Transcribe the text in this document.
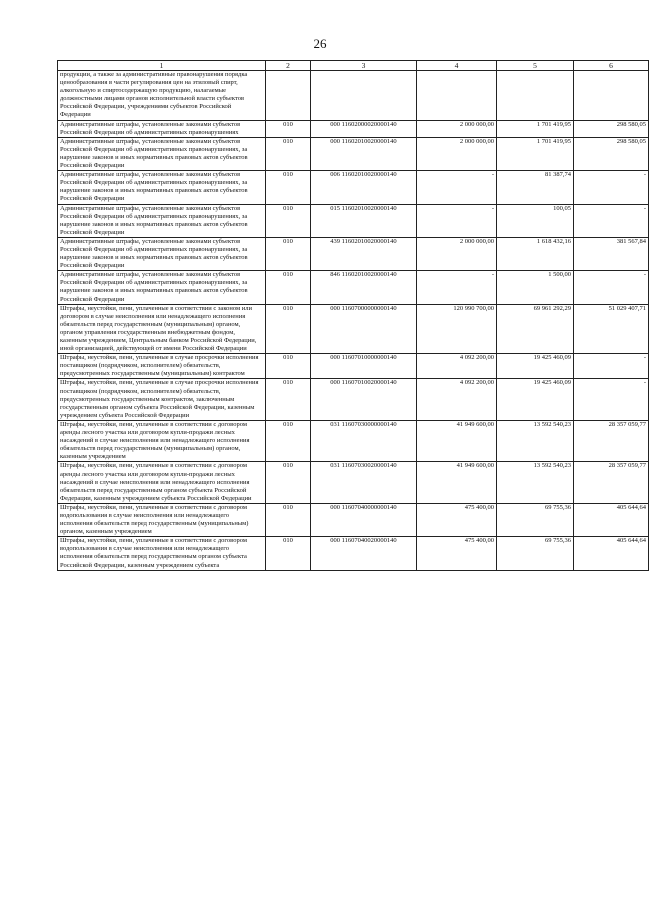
26
1	2	3	4	5	6
продукции, а также за административные правонарушения порядка ценообразования в части регулирования цен на этиловый спирт, алкогольную и спиртосодержащую продукцию, налагаемые должностными лицами органов исполнительной власти субъектов Российской Федерации, учреждениями субъектов Российской Федерации					
Административные штрафы, установленные законами субъектов Российской Федерации об административных правонарушениях	010	000 11602000020000140	2 000 000,00	1 701 419,95	298 580,05
Административные штрафы, установленные законами субъектов Российской Федерации об административных правонарушениях, за нарушение законов и иных нормативных правовых актов субъектов Российской Федерации	010	000 11602010020000140	2 000 000,00	1 701 419,95	298 580,05
Административные штрафы, установленные законами субъектов Российской Федерации об административных правонарушениях, за нарушение законов и иных нормативных правовых актов субъектов Российской Федерации	010	006 11602010020000140	-	81 387,74	-
Административные штрафы, установленные законами субъектов Российской Федерации об административных правонарушениях, за нарушение законов и иных нормативных правовых актов субъектов Российской Федерации	010	015 11602010020000140	-	100,05	-
Административные штрафы, установленные законами субъектов Российской Федерации об административных правонарушениях, за нарушение законов и иных нормативных правовых актов субъектов Российской Федерации	010	439 11602010020000140	2 000 000,00	1 618 432,16	381 567,84
Административные штрафы, установленные законами субъектов Российской Федерации об административных правонарушениях, за нарушение законов и иных нормативных правовых актов субъектов Российской Федерации	010	846 11602010020000140	-	1 500,00	-
Штрафы, неустойки, пени, уплаченные в соответствии с законом или договором в случае неисполнения или ненадлежащего исполнения обязательств перед государственным (муниципальным) органом, органом управления государственным внебюджетным фондом, казенным учреждением, Центральным банком Российской Федерации, иной организацией, действующей от имени Российской Федерации	010	000 11607000000000140	120 990 700,00	69 961 292,29	51 029 407,71
Штрафы, неустойки, пени, уплаченные в случае просрочки исполнения поставщиком (подрядчиком, исполнителем) обязательств, предусмотренных государственным (муниципальным) контрактом	010	000 11607010000000140	4 092 200,00	19 425 460,09	-
Штрафы, неустойки, пени, уплаченные в случае просрочки исполнения поставщиком (подрядчиком, исполнителем) обязательств, предусмотренных государственным контрактом, заключенным государственным органом субъекта Российской Федерации, казенным учреждением субъекта Российской Федерации	010	000 11607010020000140	4 092 200,00	19 425 460,09	-
Штрафы, неустойки, пени, уплаченные в соответствии с договором аренды лесного участка или договором купли-продажи лесных насаждений в случае неисполнения или ненадлежащего исполнения обязательств перед государственным (муниципальным) органом, казенным учреждением	010	031 11607030000000140	41 949 600,00	13 592 540,23	28 357 059,77
Штрафы, неустойки, пени, уплаченные в соответствии с договором аренды лесного участка или договором купли-продажи лесных насаждений в случае неисполнения или ненадлежащего исполнения обязательств перед государственным органом субъекта Российской Федерации, казенным учреждением субъекта Российской Федерации	010	031 11607030020000140	41 949 600,00	13 592 540,23	28 357 059,77
Штрафы, неустойки, пени, уплаченные в соответствии с договором водопользования в случае неисполнения или ненадлежащего исполнения обязательств перед государственным (муниципальным) органом, казенным учреждением	010	000 11607040000000140	475 400,00	69 755,36	405 644,64
Штрафы, неустойки, пени, уплаченные в соответствии с договором водопользования в случае неисполнения или ненадлежащего исполнения обязательств перед государственным органом субъекта Российской Федерации, казенным учреждением субъекта	010	000 11607040020000140	475 400,00	69 755,36	405 644,64
